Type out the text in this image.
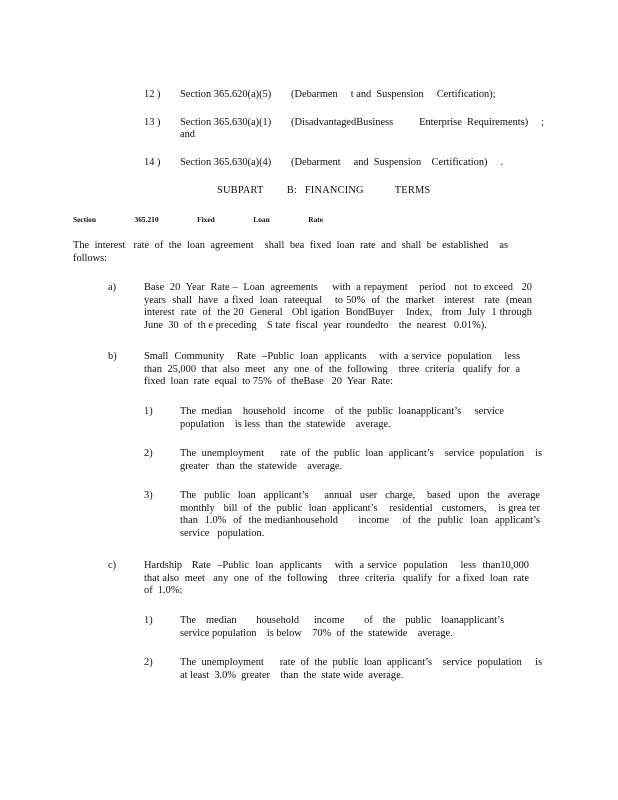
12 ) Section 365.620(a)(5) (Debarmen     t and  Suspension     Certification);
13 ) Section 365.630(a)(1) (DisadvantagedBusiness          Enterprise  Requirements)     ;
and
14 ) Section 365.630(a)(4) (Debarment     and  Suspension    Certification)     .
SUBPART   B: FINANCING    TERMS
Section   365.210   Fixed   Loan   Rate
The  interest   rate  of  the  loan  agreement    shall  bea  fixed  loan  rate  and  shall  be  established    as follows:
a)	Base  20  Year  Rate –  Loan  agreements     with  a repayment    period   not  to exceed   20 years  shall  have  a fixed  loan  rateequal    to 50%  of  the  market   interest   rate  (mean interest  rate  of  the 20  General   Obl igation  BondBuyer    Index,   from  July  1 through June  30  of  th e preceding    S tate  fiscal  year  roundedto    the  nearest   0.01%).
b)	Small  Community    Rate  –Public  loan  applicants    with  a service  population    less than  25,000  that  also  meet   any  one  of  the  following    three  criteria   qualify  for  a fixed  loan  rate  equal  to 75%  of  theBase   20  Year  Rate:
1)	The  median    household   income    of  the  public  loanapplicant’s     service population    is less  than  the  statewide    average.
2)	The  unemployment      rate  of  the  public  loan  applicant’s    service  population    is greater   than  the  statewide    average.
3)	The  public  loan  applicant’s    annual  user  charge,   based  upon  the  average monthly   bill  of  the  public  loan  applicant’s    residential   customers,    is grea ter than  1.0%  of  the medianhousehold      income    of  the  public  loan  applicant’s service   population.
c)	Hardship   Rate  –Public  loan  applicants    with  a service  population    less  than10,000 that also  meet   any  one  of  the  following    three  criteria   qualify  for  a fixed  loan  rate of  1.0%:
1)	The  median    household   income    of  the  public  loanapplicant’s      service population    is below    70%  of  the  statewide    average.
2)	The  unemployment      rate  of  the  public  loan  applicant’s    service  population     is at least  3.0%  greater    than  the  state wide  average.
